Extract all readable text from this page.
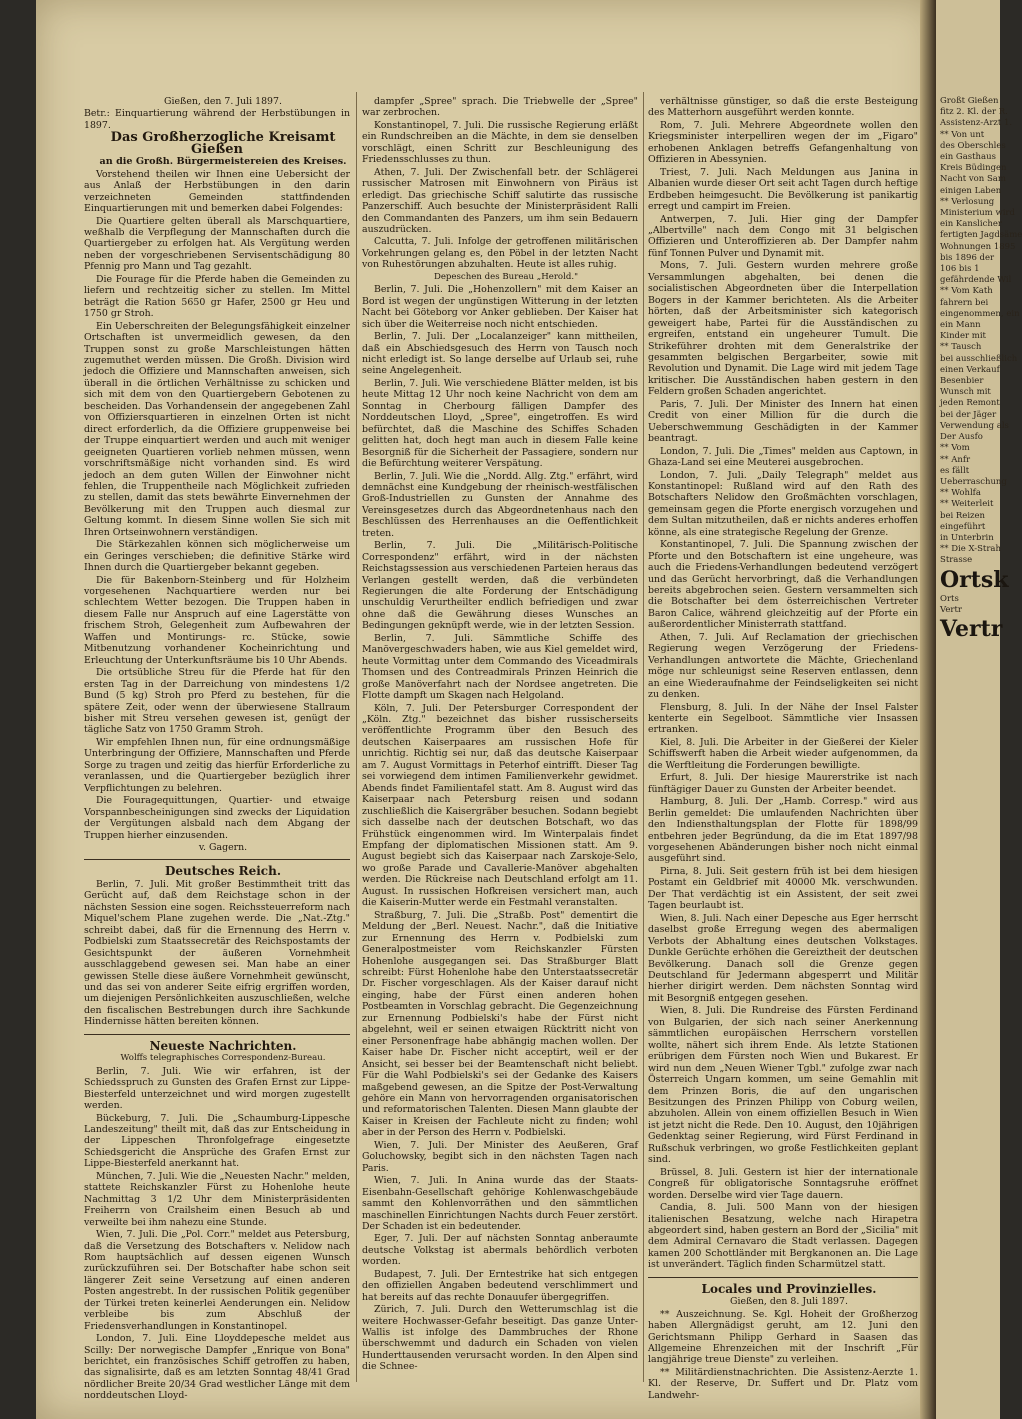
Großt Gießen
fitz 2. Kl. der R.
Assistenz-Arzt 1.
** Von unt
des Oberschles
ein Gasthaus
Kreis Büdingen
Nacht von Sam
einigen Laben
** Verlosung
Ministerium wird
ein Kanslicher
fertigten Jagdsäme
Wohnungen 1895
bis 1896 der
106 bis 1
gefährdende Wil
** Vom Kath
fahrern bei
eingenommen, ein
ein Mann
Kinder mit
** Tausch
bei ausschließlich
einen Verkauf
Besenbier
Wunsch mit
jeden Remont
bei der Jäger
Verwendung als
Der Ausfo
** Vom
** Anfr
es fällt
Ueberraschung
** Wohlfa
** Weiterleit
bei Reizen
eingeführt
in Unterbrin
** Die X-Strah
Strasse
Ortsk
Orts
Vertr
Vertr

Gießen, den 7. Juli 1897.

Betr.: Einquartierung während der Herbstübungen in 1897.

Das Großherzogliche Kreisamt Gießen

an die Großh. Bürgermeistereien des Kreises.

Vorstehend theilen wir Ihnen eine Uebersicht der aus Anlaß der Herbstübungen in den darin verzeichneten Gemeinden stattfindenden Einquartierungen mit und bemerken dabei Folgendes:

Die Quartiere gelten überall als Marschquartiere, weßhalb die Verpflegung der Mannschaften durch die Quartiergeber zu erfolgen hat. Als Vergütung werden neben der vorgeschriebenen Servisentschädigung 80 Pfennig pro Mann und Tag gezahlt.

Die Fourage für die Pferde haben die Gemeinden zu liefern und rechtzeitig sicher zu stellen. Im Mittel beträgt die Ration 5650 gr Hafer, 2500 gr Heu und 1750 gr Stroh.

Ein Ueberschreiten der Belegungsfähigkeit einzelner Ortschaften ist unvermeidlich gewesen, da den Truppen sonst zu große Marschleistungen hätten zugemuthet werden müssen. Die Großh. Division wird jedoch die Offiziere und Mannschaften anweisen, sich überall in die örtlichen Verhältnisse zu schicken und sich mit dem von den Quartiergebern Gebotenen zu bescheiden. Das Vorhandensein der angegebenen Zahl von Offiziersquartieren in einzelnen Orten ist nicht direct erforderlich, da die Offiziere gruppenweise bei der Truppe einquartiert werden und auch mit weniger geeigneten Quartieren vorlieb nehmen müssen, wenn vorschriftsmäßige nicht vorhanden sind. Es wird jedoch an dem guten Willen der Einwohner nicht fehlen, die Truppentheile nach Möglichkeit zufrieden zu stellen, damit das stets bewährte Einvernehmen der Bevölkerung mit den Truppen auch diesmal zur Geltung kommt. In diesem Sinne wollen Sie sich mit Ihren Ortseinwohnern verständigen.

Die Stärkezahlen können sich möglicherweise um ein Geringes verschieben; die definitive Stärke wird Ihnen durch die Quartiergeber bekannt gegeben.

Die für Bakenborn-Steinberg und für Holzheim vorgesehenen Nachquartiere werden nur bei schlechtem Wetter bezogen. Die Truppen haben in diesem Falle nur Anspruch auf eine Lagerstätte von frischem Stroh, Gelegenheit zum Aufbewahren der Waffen und Montirungs- rc. Stücke, sowie Mitbenutzung vorhandener Kocheinrichtung und Erleuchtung der Unterkunftsräume bis 10 Uhr Abends.

Die ortsübliche Streu für die Pferde hat für den ersten Tag in der Darreichung von mindestens 1/2 Bund (5 kg) Stroh pro Pferd zu bestehen, für die spätere Zeit, oder wenn der überwiesene Stallraum bisher mit Streu versehen gewesen ist, genügt der tägliche Satz von 1750 Gramm Stroh.

Wir empfehlen Ihnen nun, für eine ordnungsmäßige Unterbringung der Offiziere, Mannschaften und Pferde Sorge zu tragen und zeitig das hierfür Erforderliche zu veranlassen, und die Quartiergeber bezüglich ihrer Verpflichtungen zu belehren.

Die Fouragequittungen, Quartier- und etwaige Vorspannbescheinigungen sind zwecks der Liquidation der Vergütungen alsbald nach dem Abgang der Truppen hierher einzusenden.

v. Gagern.

Deutsches Reich.

Berlin, 7. Juli. Mit großer Bestimmtheit tritt das Gerücht auf, daß dem Reichstage schon in der nächsten Session eine sogen. Reichssteuerreform nach Miquel'schem Plane zugehen werde. Die „Nat.-Ztg." schreibt dabei, daß für die Ernennung des Herrn v. Podbielski zum Staatssecretär des Reichspostamts der Gesichtspunkt der äußeren Vornehmheit ausschlaggebend gewesen sei. Man habe an einer gewissen Stelle diese äußere Vornehmheit gewünscht, und das sei von anderer Seite eifrig ergriffen worden, um diejenigen Persönlichkeiten auszuschließen, welche den fiscalischen Bestrebungen durch ihre Sachkunde Hindernisse hätten bereiten können.

Neueste Nachrichten.

Wolffs telegraphisches Correspondenz-Bureau.

Berlin, 7. Juli. Wie wir erfahren, ist der Schiedsspruch zu Gunsten des Grafen Ernst zur Lippe-Biesterfeld unterzeichnet und wird morgen zugestellt werden.

Bückeburg, 7. Juli. Die „Schaumburg-Lippesche Landeszeitung" theilt mit, daß das zur Entscheidung in der Lippeschen Thronfolgefrage eingesetzte Schiedsgericht die Ansprüche des Grafen Ernst zur Lippe-Biesterfeld anerkannt hat.

München, 7. Juli. Wie die „Neuesten Nachr." melden, stattete Reichskanzler Fürst zu Hohenlohe heute Nachmittag 3 1/2 Uhr dem Ministerpräsidenten Freiherrn von Crailsheim einen Besuch ab und verweilte bei ihm nahezu eine Stunde.

Wien, 7. Juli. Die „Pol. Corr." meldet aus Petersburg, daß die Versetzung des Botschafters v. Nelidow nach Rom hauptsächlich auf dessen eigenen Wunsch zurückzuführen sei. Der Botschafter habe schon seit längerer Zeit seine Versetzung auf einen anderen Posten angestrebt. In der russischen Politik gegenüber der Türkei treten keinerlei Aenderungen ein. Nelidow verbleibe bis zum Abschluß der Friedensverhandlungen in Konstantinopel.

London, 7. Juli. Eine Lloyddepesche meldet aus Scilly: Der norwegische Dampfer „Enrique von Bona" berichtet, ein französisches Schiff getroffen zu haben, das signalisirte, daß es am letzten Sonntag 48/41 Grad nördlicher Breite 20/34 Grad westlicher Länge mit dem norddeutschen Lloyd-

dampfer „Spree" sprach. Die Triebwelle der „Spree" war zerbrochen.

Konstantinopel, 7. Juli. Die russische Regierung erläßt ein Rundschreiben an die Mächte, in dem sie denselben vorschlägt, einen Schritt zur Beschleunigung des Friedensschlusses zu thun.

Athen, 7. Juli. Der Zwischenfall betr. der Schlägerei russischer Matrosen mit Einwohnern von Piräus ist erledigt. Das griechische Schiff salutirte das russische Panzerschiff. Auch besuchte der Ministerpräsident Ralli den Commandanten des Panzers, um ihm sein Bedauern auszudrücken.

Calcutta, 7. Juli. Infolge der getroffenen militärischen Vorkehrungen gelang es, den Pöbel in der letzten Nacht von Ruhestörungen abzuhalten. Heute ist alles ruhig.

Depeschen des Bureau „Herold."

Berlin, 7. Juli. Die „Hohenzollern" mit dem Kaiser an Bord ist wegen der ungünstigen Witterung in der letzten Nacht bei Göteborg vor Anker geblieben. Der Kaiser hat sich über die Weiterreise noch nicht entschieden.

Berlin, 7. Juli. Der „Localanzeiger" kann mittheilen, daß ein Abschiedsgesuch des Herrn von Tausch noch nicht erledigt ist. So lange derselbe auf Urlaub sei, ruhe seine Angelegenheit.

Berlin, 7. Juli. Wie verschiedene Blätter melden, ist bis heute Mittag 12 Uhr noch keine Nachricht von dem am Sonntag in Cherbourg fälligen Dampfer des Norddeutschen Lloyd, „Spree", eingetroffen. Es wird befürchtet, daß die Maschine des Schiffes Schaden gelitten hat, doch hegt man auch in diesem Falle keine Besorgniß für die Sicherheit der Passagiere, sondern nur die Befürchtung weiterer Verspätung.

Berlin, 7. Juli. Wie die „Nordd. Allg. Ztg." erfährt, wird demnächst eine Kundgebung der rheinisch-westfälischen Groß-Industriellen zu Gunsten der Annahme des Vereinsgesetzes durch das Abgeordnetenhaus nach den Beschlüssen des Herrenhauses an die Oeffentlichkeit treten.

Berlin, 7. Juli. Die „Militärisch-Politische Correspondenz" erfährt, wird in der nächsten Reichstagssession aus verschiedenen Parteien heraus das Verlangen gestellt werden, daß die verbündeten Regierungen die alte Forderung der Entschädigung unschuldig Verurtheilter endlich befriedigen und zwar ohne daß die Gewährung dieses Wunsches an Bedingungen geknüpft werde, wie in der letzten Session.

Berlin, 7. Juli. Sämmtliche Schiffe des Manövergeschwaders haben, wie aus Kiel gemeldet wird, heute Vormittag unter dem Commando des Viceadmirals Thomsen und des Contreadmirals Prinzen Heinrich die große Manöverfahrt nach der Nordsee angetreten. Die Flotte dampft um Skagen nach Helgoland.

Köln, 7. Juli. Der Petersburger Correspondent der „Köln. Ztg." bezeichnet das bisher russischerseits veröffentlichte Programm über den Besuch des deutschen Kaiserpaares am russischen Hofe für unrichtig. Richtig sei nur, daß das deutsche Kaiserpaar am 7. August Vormittags in Peterhof eintrifft. Dieser Tag sei vorwiegend dem intimen Familienverkehr gewidmet. Abends findet Familientafel statt. Am 8. August wird das Kaiserpaar nach Petersburg reisen und sodann zuschließlich die Kaisergräber besuchen. Sodann begiebt sich dasselbe nach der deutschen Botschaft, wo das Frühstück eingenommen wird. Im Winterpalais findet Empfang der diplomatischen Missionen statt. Am 9. August begiebt sich das Kaiserpaar nach Zarskoje-Selo, wo große Parade und Cavallerie-Manöver abgehalten werden. Die Rückreise nach Deutschland erfolgt am 11. August. In russischen Hofkreisen versichert man, auch die Kaiserin-Mutter werde ein Festmahl veranstalten.

Straßburg, 7. Juli. Die „Straßb. Post" dementirt die Meldung der „Berl. Neuest. Nachr.", daß die Initiative zur Ernennung des Herrn v. Podbielski zum Generalpostmeister vom Reichskanzler Fürsten Hohenlohe ausgegangen sei. Das Straßburger Blatt schreibt: Fürst Hohenlohe habe den Unterstaatssecretär Dr. Fischer vorgeschlagen. Als der Kaiser darauf nicht einging, habe der Fürst einen anderen hohen Postbeamten in Vorschlag gebracht. Die Gegenzeichnung zur Ernennung Podbielski's habe der Fürst nicht abgelehnt, weil er seinen etwaigen Rücktritt nicht von einer Personenfrage habe abhängig machen wollen. Der Kaiser habe Dr. Fischer nicht acceptirt, weil er der Ansicht, sei besser bei der Beamtenschaft nicht beliebt. Für die Wahl Podbielski's sei der Gedanke des Kaisers maßgebend gewesen, an die Spitze der Post-Verwaltung gehöre ein Mann von hervorragenden organisatorischen und reformatorischen Talenten. Diesen Mann glaubte der Kaiser in Kreisen der Fachleute nicht zu finden; wohl aber in der Person des Herrn v. Podbielski.

Wien, 7. Juli. Der Minister des Aeußeren, Graf Goluchowsky, begibt sich in den nächsten Tagen nach Paris.

Wien, 7. Juli. In Anina wurde das der Staats-Eisenbahn-Gesellschaft gehörige Kohlenwaschgebäude sammt den Kohlenvorräthen und den sämmtlichen maschinellen Einrichtungen Nachts durch Feuer zerstört. Der Schaden ist ein bedeutender.

Eger, 7. Juli. Der auf nächsten Sonntag anberaumte deutsche Volkstag ist abermals behördlich verboten worden.

Budapest, 7. Juli. Der Erntestrike hat sich entgegen den offiziellen Angaben bedeutend verschlimmert und hat bereits auf das rechte Donauufer übergegriffen.

Zürich, 7. Juli. Durch den Wetterumschlag ist die weitere Hochwasser-Gefahr beseitigt. Das ganze Unter-Wallis ist infolge des Dammbruches der Rhone überschwemmt und dadurch ein Schaden von vielen Hunderttausenden verursacht worden. In den Alpen sind die Schnee-

verhältnisse günstiger, so daß die erste Besteigung des Matterhorn ausgeführt werden konnte.

Rom, 7. Juli. Mehrere Abgeordnete wollen den Kriegsminister interpelliren wegen der im „Figaro" erhobenen Anklagen betreffs Gefangenhaltung von Offizieren in Abessynien.

Triest, 7. Juli. Nach Meldungen aus Janina in Albanien wurde dieser Ort seit acht Tagen durch heftige Erdbeben heimgesucht. Die Bevölkerung ist panikartig erregt und campirt im Freien.

Antwerpen, 7. Juli. Hier ging der Dampfer „Albertville" nach dem Congo mit 31 belgischen Offizieren und Unteroffizieren ab. Der Dampfer nahm fünf Tonnen Pulver und Dynamit mit.

Mons, 7. Juli. Gestern wurden mehrere große Versammlungen abgehalten, bei denen die socialistischen Abgeordneten über die Interpellation Bogers in der Kammer berichteten. Als die Arbeiter hörten, daß der Arbeitsminister sich kategorisch geweigert habe, Partei für die Ausständischen zu ergreifen, entstand ein ungeheurer Tumult. Die Strikeführer drohten mit dem Generalstrike der gesammten belgischen Bergarbeiter, sowie mit Revolution und Dynamit. Die Lage wird mit jedem Tage kritischer. Die Ausständischen haben gestern in den Feldern großen Schaden angerichtet.

Paris, 7. Juli. Der Minister des Innern hat einen Credit von einer Million für die durch die Ueberschwemmung Geschädigten in der Kammer beantragt.

London, 7. Juli. Die „Times" melden aus Captown, in Ghaza-Land sei eine Meuterei ausgebrochen.

London, 7. Juli. „Daily Telegraph" meldet aus Konstantinopel: Rußland wird auf den Rath des Botschafters Nelidow den Großmächten vorschlagen, gemeinsam gegen die Pforte energisch vorzugehen und dem Sultan mitzutheilen, daß er nichts anderes erhoffen könne, als eine strategische Regelung der Grenze.

Konstantinopel, 7. Juli. Die Spannung zwischen der Pforte und den Botschaftern ist eine ungeheure, was auch die Friedens-Verhandlungen bedeutend verzögert und das Gerücht hervorbringt, daß die Verhandlungen bereits abgebrochen seien. Gestern versammelten sich die Botschafter bei dem österreichischen Vertreter Baron Calice, während gleichzeitig auf der Pforte ein außerordentlicher Ministerrath stattfand.

Athen, 7. Juli. Auf Reclamation der griechischen Regierung wegen Verzögerung der Friedens-Verhandlungen antwortete die Mächte, Griechenland möge nur schleunigst seine Reserven entlassen, denn an eine Wiederaufnahme der Feindseligkeiten sei nicht zu denken.

Flensburg, 8. Juli. In der Nähe der Insel Falster kenterte ein Segelboot. Sämmtliche vier Insassen ertranken.

Kiel, 8. Juli. Die Arbeiter in der Gießerei der Kieler Schiffswerft haben die Arbeit wieder aufgenommen, da die Werftleitung die Forderungen bewilligte.

Erfurt, 8. Juli. Der hiesige Maurerstrike ist nach fünftägiger Dauer zu Gunsten der Arbeiter beendet.

Hamburg, 8. Juli. Der „Hamb. Corresp." wird aus Berlin gemeldet: Die umlaufenden Nachrichten über den Indiensthaltungsplan der Flotte für 1898/99 entbehren jeder Begründung, da die im Etat 1897/98 vorgesehenen Abänderungen bisher noch nicht einmal ausgeführt sind.

Pirna, 8. Juli. Seit gestern früh ist bei dem hiesigen Postamt ein Geldbrief mit 40000 Mk. verschwunden. Der That verdächtig ist ein Assistent, der seit zwei Tagen beurlaubt ist.

Wien, 8. Juli. Nach einer Depesche aus Eger herrscht daselbst große Erregung wegen des abermaligen Verbots der Abhaltung eines deutschen Volkstages. Dunkle Gerüchte erhöhen die Gereiztheit der deutschen Bevölkerung. Danach soll die Grenze gegen Deutschland für Jedermann abgesperrt und Militär hierher dirigirt werden. Dem nächsten Sonntag wird mit Besorgniß entgegen gesehen.

Wien, 8. Juli. Die Rundreise des Fürsten Ferdinand von Bulgarien, der sich nach seiner Anerkennung sämmtlichen europäischen Herrschern vorstellen wollte, nähert sich ihrem Ende. Als letzte Stationen erübrigen dem Fürsten noch Wien und Bukarest. Er wird nun dem „Neuen Wiener Tgbl." zufolge zwar nach Österreich Ungarn kommen, um seine Gemahlin mit dem Prinzen Boris, die auf den ungarischen Besitzungen des Prinzen Philipp von Coburg weilen, abzuholen. Allein von einem offiziellen Besuch in Wien ist jetzt nicht die Rede. Den 10. August, den 10jährigen Gedenktag seiner Regierung, wird Fürst Ferdinand in Rußschuk verbringen, wo große Festlichkeiten geplant sind.

Brüssel, 8. Juli. Gestern ist hier der internationale Congreß für obligatorische Sonntagsruhe eröffnet worden. Derselbe wird vier Tage dauern.

Candia, 8. Juli. 500 Mann von der hiesigen italienischen Besatzung, welche nach Hirapetra abgeordert sind, haben gestern an Bord der „Sicilia" mit dem Admiral Cernavaro die Stadt verlassen. Dagegen kamen 200 Schottländer mit Bergkanonen an. Die Lage ist unverändert. Täglich finden Scharmützel statt.

Locales und Provinzielles.

Gießen, den 8. Juli 1897.

** Auszeichnung. Se. Kgl. Hoheit der Großherzog haben Allergnädigst geruht, am 12. Juni den Gerichtsmann Philipp Gerhard in Saasen das Allgemeine Ehrenzeichen mit der Inschrift „Für langjährige treue Dienste" zu verleihen.

** Militärdienstnachrichten. Die Assistenz-Aerzte 1. Kl. der Reserve, Dr. Suffert und Dr. Platz vom Landwehr-
